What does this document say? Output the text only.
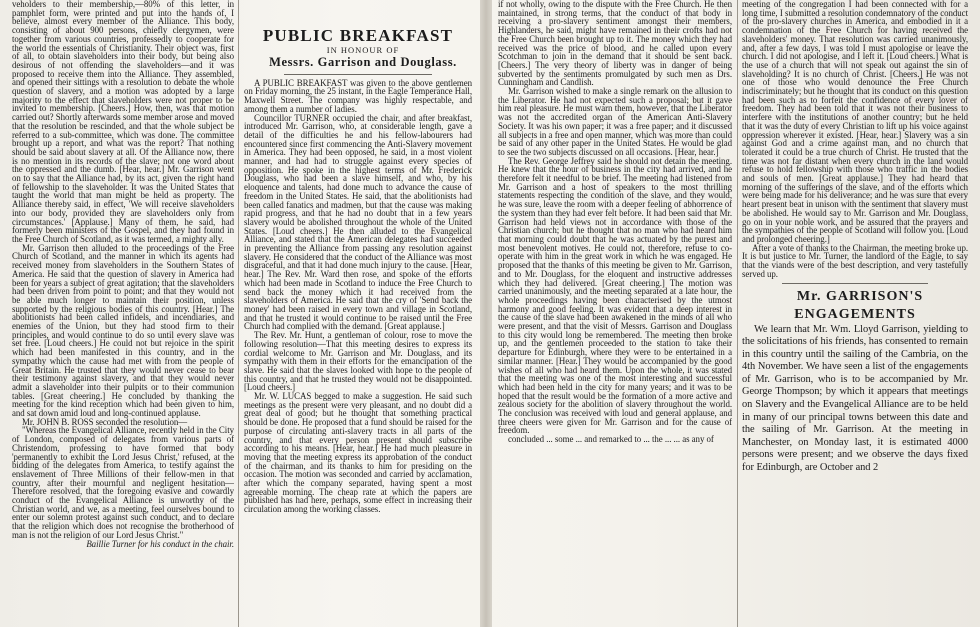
veholders to their membership,—80% of this letter, in pamphlet form, were printed and put into the hands of, I believe, almost every member of the Alliance. This body, consisting of about 900 persons, chiefly clergymen, were together from various countries, professedly to cooperate for the world the essentials of Christianity. Their object was, first of all, to obtain slaveholders into their body, but being also desirous of not offending the slaveholders—and it was proposed to receive them into the Alliance. They assembled, and opened their sittings with a resolution to debate the whole question of slavery, and a motion was adopted by a large majority to the effect that slaveholders were not proper to be invited to membership. [Cheers.] How, then, was that motion carried out? Shortly afterwards some member arose and moved that the resolution be rescinded, and that the whole subject be referred to a sub-committee, which was done. The committee brought up a report, and what was the report? That nothing should be said about slavery at all. Of the Alliance now, there is no mention in its records of the slave; not one word about the oppressed and the dumb. [Hear, hear.] Mr. Garrison went on to say that the Alliance had, by its act, given the right hand of fellowship to the slaveholder. It was the United States that taught the world that man might be held as property. The Alliance thereby said, in effect, 'We will receive slaveholders into our body, provided they are slaveholders only from circumstances.' [Applause.] Many of them, he said, had formerly been ministers of the Gospel, and they had found in the Free Church of Scotland, as it was termed, a mighty ally.

Mr. Garrison then alluded to the proceedings of the Free Church of Scotland, and the manner in which its agents had received money from slaveholders in the Southern States of America. He said that the question of slavery in America had been for years a subject of great agitation; that the slaveholders had been driven from point to point; and that they would not be able much longer to maintain their position, unless supported by the religious bodies of this country. [Hear.] The abolitionists had been called infidels, and incendiaries, and enemies of the Union, but they had stood firm to their principles, and would continue to do so until every slave was set free. [Loud cheers.] He could not but rejoice in the spirit which had been manifested in this country, and in the sympathy which the cause had met with from the people of Great Britain. He trusted that they would never cease to bear their testimony against slavery, and that they would never admit a slaveholder into their pulpits or to their communion tables. [Great cheering.] He concluded by thanking the meeting for the kind reception which had been given to him, and sat down amid loud and long-continued applause.

Mr. JOHN B. ROSS seconded the resolution—

"Whereas the Evangelical Alliance, recently held in the City of London, composed of delegates from various parts of Christendom, professing to have formed that body 'permanently to exhibit the Lord Jesus Christ,' refused, at the bidding of the delegates from America, to testify against the enslavement of Three Millions of their fellow-men in that country, after their mournful and negligent hesitation—Therefore resolved, that the foregoing evasive and cowardly conduct of the Evangelical Alliance is unworthy of the Christian world, and we, as a meeting, feel ourselves bound to enter our solemn protest against such conduct, and to declare that the religion which does not recognise the brotherhood of man is not the religion of our Lord Jesus Christ."

Baillie Turner for his conduct in the chair.

PUBLIC BREAKFAST

IN HONOUR OF

Messrs. Garrison and Douglass.

A PUBLIC BREAKFAST was given to the above gentlemen on Friday morning, the 25 instant, in the Eagle Temperance Hall, Maxwell Street. The company was highly respectable, and among them a number of ladies.

Councillor TURNER occupied the chair, and after breakfast, introduced Mr. Garrison, who, at considerable length, gave a detail of the difficulties he and his fellow-labourers had encountered since first commencing the Anti-Slavery movement in America. They had been opposed, he said, in a most violent manner, and had had to struggle against every species of opposition. He spoke in the highest terms of Mr. Frederick Douglass, who had been a slave himself, and who, by his eloquence and talents, had done much to advance the cause of freedom in the United States. He said, that the abolitionists had been called fanatics and madmen, but that the cause was making rapid progress, and that he had no doubt that in a few years slavery would be abolished throughout the whole of the United States. [Loud cheers.] He then alluded to the Evangelical Alliance, and stated that the American delegates had succeeded in preventing the Alliance from passing any resolution against slavery. He considered that the conduct of the Alliance was most disgraceful, and that it had done much injury to the cause. [Hear, hear.] The Rev. Mr. Ward then rose, and spoke of the efforts which had been made in Scotland to induce the Free Church to send back the money which it had received from the slaveholders of America. He said that the cry of 'Send back the money' had been raised in every town and village in Scotland, and that he trusted it would continue to be raised until the Free Church had complied with the demand. [Great applause.]

The Rev. Mr. Hunt, a gentleman of colour, rose to move the following resolution—That this meeting desires to express its cordial welcome to Mr. Garrison and Mr. Douglass, and its sympathy with them in their efforts for the emancipation of the slave. He said that the slaves looked with hope to the people of this country, and that he trusted they would not be disappointed. [Loud cheers.]

Mr. W. LUCAS begged to make a suggestion. He said such meetings as the present were very pleasant, and no doubt did a great deal of good; but he thought that something practical should be done. He proposed that a fund should be raised for the purpose of circulating anti-slavery tracts in all parts of the country, and that every person present should subscribe according to his means. [Hear, hear.] He had much pleasure in moving that the meeting express its approbation of the conduct of the chairman, and its thanks to him for presiding on the occasion. The motion was seconded and carried by acclamation, after which the company separated, having spent a most agreeable morning. The cheap rate at which the papers are published has had here, perhaps, some effect in increasing their circulation among the working classes.

if not wholly, owing to the dispute with the Free Church. He then maintained, in strong terms, that the conduct of that body in receiving a pro-slavery sentiment amongst their members, Highlanders, he said, might have remained in their crofts had not the Free Church been brought up to it. The money which they had received was the price of blood, and he called upon every Scotchman to join in the demand that it should be sent back. [Cheers.] The very theory of liberty was in danger of being subverted by the sentiments promulgated by such men as Drs. Cunningham and Candlish.

Mr. Garrison wished to make a single remark on the allusion to the Liberator. He had not expected such a proposal; but it gave him real pleasure. He must warn them, however, that the Liberator was not the accredited organ of the American Anti-Slavery Society. It was his own paper; it was a free paper; and it discussed all subjects in a free and open manner, which was more than could be said of any other paper in the United States. He would be glad to see the two subjects discussed on all occasions. [Hear, hear.]

The Rev. George Jeffrey said he should not detain the meeting. He knew that the hour of business in the city had arrived, and he therefore felt it needful to be brief. The meeting had listened from Mr. Garrison and a host of speakers to the most thrilling statements respecting the condition of the slave, and they would, he was sure, leave the room with a deeper feeling of abhorrence of the system than they had ever felt before. It had been said that Mr. Garrison had held views not in accordance with those of the Christian church; but he thought that no man who had heard him that morning could doubt that he was actuated by the purest and most benevolent motives. He could not, therefore, refuse to co-operate with him in the great work in which he was engaged. He proposed that the thanks of this meeting be given to Mr. Garrison, and to Mr. Douglass, for the eloquent and instructive addresses which they had delivered. [Great cheering.] The motion was carried unanimously, and the meeting separated at a late hour, the whole proceedings having been characterised by the utmost harmony and good feeling. It was evident that a deep interest in the cause of the slave had been awakened in the minds of all who were present, and that the visit of Messrs. Garrison and Douglass to this city would long be remembered. The meeting then broke up, and the gentlemen proceeded to the station to take their departure for Edinburgh, where they were to be entertained in a similar manner. [Hear.] They would be accompanied by the good wishes of all who had heard them. Upon the whole, it was stated that the meeting was one of the most interesting and successful which had been held in the city for many years; and it was to be hoped that the result would be the formation of a more active and zealous society for the abolition of slavery throughout the world. The conclusion was received with loud and general applause, and three cheers were given for Mr. Garrison and for the cause of freedom.

concluded ... some ... and remarked to ... the ... ... as any of

meeting of the congregation I had been connected with for a long time, I submitted a resolution condemnatory of the conduct of the pro-slavery churches in America, and embodied in it a condemnation of the Free Church for having received the slaveholders' money. That resolution was carried unanimously, and, after a few days, I was told I must apologise or leave the church. I did not apologise, and I left it. [Loud cheers.] What is the use of a church that will not speak out against the sin of slaveholding? It is no church of Christ. [Cheers.] He was not one of those who would denounce the Free Church indiscriminately; but he thought that its conduct on this question had been such as to forfeit the confidence of every lover of freedom. They had been told that it was not their business to interfere with the institutions of another country; but he held that it was the duty of every Christian to lift up his voice against oppression wherever it existed. [Hear, hear.] Slavery was a sin against God and a crime against man, and no church that tolerated it could be a true church of Christ. He trusted that the time was not far distant when every church in the land would refuse to hold fellowship with those who traffic in the bodies and souls of men. [Great applause.] They had heard that morning of the sufferings of the slave, and of the efforts which were being made for his deliverance; and he was sure that every heart present beat in unison with the sentiment that slavery must be abolished. He would say to Mr. Garrison and Mr. Douglass, go on in your noble work, and be assured that the prayers and the sympathies of the people of Scotland will follow you. [Loud and prolonged cheering.]

After a vote of thanks to the Chairman, the meeting broke up. It is but justice to Mr. Turner, the landlord of the Eagle, to say that the viands were of the best description, and very tastefully served up.

Mr. GARRISON'S ENGAGEMENTS

We learn that Mr. Wm. Lloyd Garrison, yielding to the solicitations of his friends, has consented to remain in this country until the sailing of the Cambria, on the 4th November. We have seen a list of the engagements of Mr. Garrison, who is to be accompanied by Mr. George Thompson; by which it appears that meetings on Slavery and the Evangelical Alliance are to be held in many of our principal towns between this date and the sailing of Mr. Garrison. At the meeting in Manchester, on Monday last, it is estimated 4000 persons were present; and we observe the days fixed for Edinburgh, are October and 2
